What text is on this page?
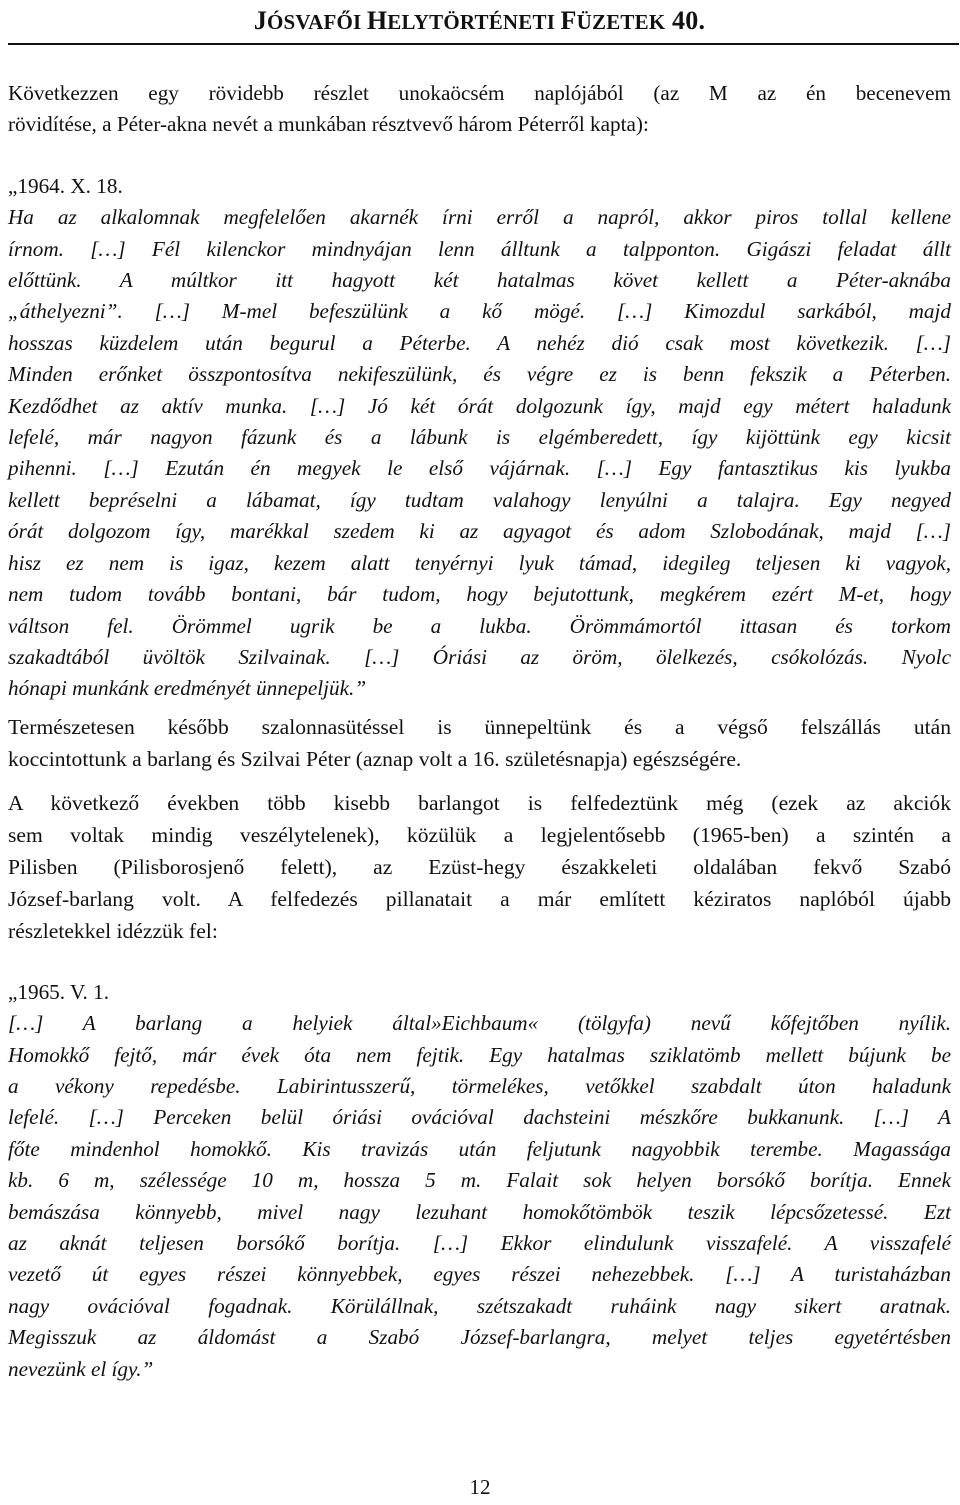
JÓSVAFŐI HELYTÖRTÉNETI FÜZETEK 40.
Következzen egy rövidebb részlet unokaöcsém naplójából (az M az én becenevem
rövidítése, a Péter-akna nevét a munkában résztvevő három Péterről kapta):
„1964. X. 18.
Ha az alkalomnak megfelelően akarnék írni erről a napról, akkor piros tollal kellene
írnom. […] Fél kilenckor mindnyájan lenn álltunk a talpponton. Gigászi feladat állt
előttünk. A múltkor itt hagyott két hatalmas követ kellett a Péter-aknába
„áthelyezni”. […] M-mel befeszülünk a kő mögé. […] Kimozdul sarkából, majd
hosszas küzdelem után begurul a Péterbe. A nehéz dió csak most következik. […]
Minden erőnket összpontosítva nekifeszülünk, és végre ez is benn fekszik a Péterben.
Kezdődhet az aktív munka. […] Jó két órát dolgozunk így, majd egy métert haladunk
lefelé, már nagyon fázunk és a lábunk is elgémberedett, így kijöttünk egy kicsit
pihenni. […] Ezután én megyek le első vájárnak. […] Egy fantasztikus kis lyukba
kellett bepréselni a lábamat, így tudtam valahogy lenyúlni a talajra. Egy negyed
órát dolgozom így, marékkal szedem ki az agyagot és adom Szlobodának, majd […]
hisz ez nem is igaz, kezem alatt tenyérnyi lyuk támad, idegileg teljesen ki vagyok,
nem tudom tovább bontani, bár tudom, hogy bejutottunk, megkérem ezért M-et, hogy
váltson fel. Örömmel ugrik be a lukba. Örömmámortól ittasan és torkom
szakadtából üvöltök Szilvainak. […] Óriási az öröm, ölelkezés, csókolózás. Nyolc
hónapi munkánk eredményét ünnepeljük.”
Természetesen később szalonnasütéssel is ünnepeltünk és a végső felszállás után
koccintottunk a barlang és Szilvai Péter (aznap volt a 16. születésnapja) egészségére.
A következő években több kisebb barlangot is felfedeztünk még (ezek az akciók
sem voltak mindig veszélytelenek), közülük a legjelentősebb (1965-ben) a szintén a
Pilisben (Pilisborosjenő felett), az Ezüst-hegy északkeleti oldalában fekvő Szabó
József-barlang volt. A felfedezés pillanatait a már említett kéziratos naplóból újabb
részletekkel idézzük fel:
„1965. V. 1.
[…] A barlang a helyiek által»Eichbaum« (tölgyfa) nevű kőfejtőben nyílik.
Homokkő fejtő, már évek óta nem fejtik. Egy hatalmas sziklatömb mellett bújunk be
a vékony repedésbe. Labirintusszerű, törmelékes, vetőkkel szabdalt úton haladunk
lefelé. […] Perceken belül óriási ovációval dachsteini mészkőre bukkanunk. […] A
főte mindenhol homokkő. Kis travizás után feljutunk nagyobbik terembe. Magassága
kb. 6 m, szélessége 10 m, hossza 5 m. Falait sok helyen borsókő borítja. Ennek
bemászása könnyebb, mivel nagy lezuhant homokőtömbök teszik lépcsőzetessé. Ezt
az aknát teljesen borsókő borítja. […] Ekkor elindulunk visszafelé. A visszafelé
vezető út egyes részei könnyebbek, egyes részei nehezebbek. […] A turistaházban
nagy ovációval fogadnak. Körülállnak, szétszakadt ruháink nagy sikert aratnak.
Megisszuk az áldomást a Szabó József-barlangra, melyet teljes egyetértésben
nevezünk el így.”
12
